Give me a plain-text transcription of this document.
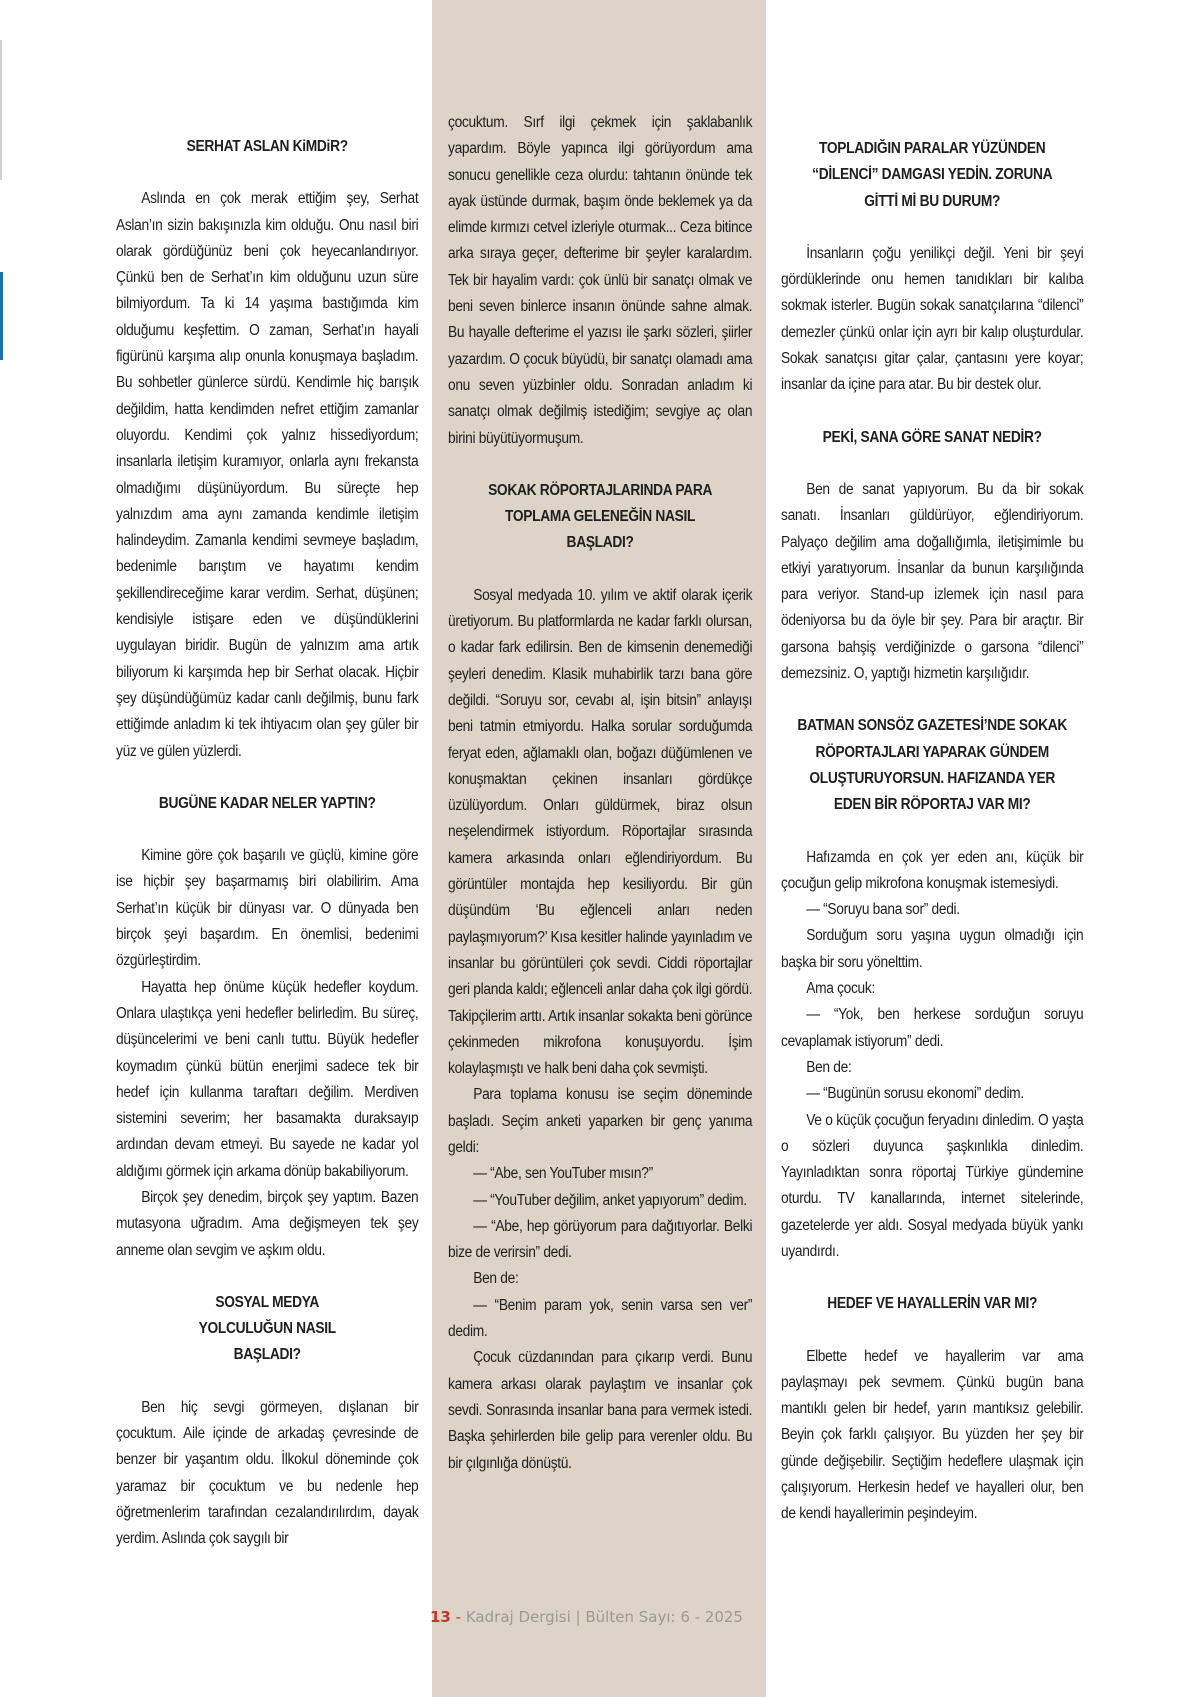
SERHAT ASLAN KiMDiR?

Aslında en çok merak ettiğim şey, Serhat Aslan’ın sizin bakışınızla kim olduğu. Onu nasıl biri olarak gördüğünüz beni çok heyecanlandırıyor. Çünkü ben de Serhat’ın kim olduğunu uzun süre bilmiyordum. Ta ki 14 yaşıma bastığımda kim olduğumu keşfettim. O zaman, Serhat’ın hayali figürünü karşıma alıp onunla konuşmaya başladım. Bu sohbetler günlerce sürdü. Kendimle hiç barışık değildim, hatta kendimden nefret ettiğim zamanlar oluyordu. Kendimi çok yalnız hissediyordum; insanlarla iletişim kuramıyor, onlarla aynı frekansta olmadığımı düşünüyordum. Bu süreçte hep yalnızdım ama aynı zamanda kendimle iletişim halindeydim. Zamanla kendimi sevmeye başladım, bedenimle barıştım ve hayatımı kendim şekillendireceğime karar verdim. Serhat, düşünen; kendisiyle istişare eden ve düşündüklerini uygulayan biridir. Bugün de yalnızım ama artık biliyorum ki karşımda hep bir Serhat olacak. Hiçbir şey düşündüğümüz kadar canlı değilmiş, bunu fark ettiğimde anladım ki tek ihtiyacım olan şey güler bir yüz ve gülen yüzlerdi.

BUGÜNE KADAR NELER YAPTIN?

Kimine göre çok başarılı ve güçlü, kimine göre ise hiçbir şey başarmamış biri olabilirim. Ama Serhat’ın küçük bir dünyası var. O dünyada ben birçok şeyi başardım. En önemlisi, bedenimi özgürleştirdim.

Hayatta hep önüme küçük hedefler koydum. Onlara ulaştıkça yeni hedefler belirledim. Bu süreç, düşüncelerimi ve beni canlı tuttu. Büyük hedefler koymadım çünkü bütün enerjimi sadece tek bir hedef için kullanma taraftarı değilim. Merdiven sistemini severim; her basamakta duraksayıp ardından devam etmeyi. Bu sayede ne kadar yol aldığımı görmek için arkama dönüp bakabiliyorum.

Birçok şey denedim, birçok şey yaptım. Bazen mutasyona uğradım. Ama değişmeyen tek şey anneme olan sevgim ve aşkım oldu.

SOSYAL MEDYA YOLCULUĞUN NASIL BAŞLADI?

Ben hiç sevgi görmeyen, dışlanan bir çocuktum. Aile içinde de arkadaş çevresinde de benzer bir yaşantım oldu. İlkokul döneminde çok yaramaz bir çocuktum ve bu nedenle hep öğretmenlerim tarafından cezalandırılırdım, dayak yerdim. Aslında çok saygılı bir

çocuktum. Sırf ilgi çekmek için şaklabanlık yapardım. Böyle yapınca ilgi görüyordum ama sonucu genellikle ceza olurdu: tahtanın önünde tek ayak üstünde durmak, başım önde beklemek ya da elimde kırmızı cetvel izleriyle oturmak... Ceza bitince arka sıraya geçer, defterime bir şeyler karalardım. Tek bir hayalim vardı: çok ünlü bir sanatçı olmak ve beni seven binlerce insanın önünde sahne almak. Bu hayalle defterime el yazısı ile şarkı sözleri, şiirler yazardım. O çocuk büyüdü, bir sanatçı olamadı ama onu seven yüzbinler oldu. Sonradan anladım ki sanatçı olmak değilmiş istediğim; sevgiye aç olan birini büyütüyormuşum.

SOKAK RÖPORTAJLARINDA PARA TOPLAMA GELENEĞİN NASIL BAŞLADI?

Sosyal medyada 10. yılım ve aktif olarak içerik üretiyorum. Bu platformlarda ne kadar farklı olursan, o kadar fark edilirsin. Ben de kimsenin denemediği şeyleri denedim. Klasik muhabirlik tarzı bana göre değildi. “Soruyu sor, cevabı al, işin bitsin” anlayışı beni tatmin etmiyordu. Halka sorular sorduğumda feryat eden, ağlamaklı olan, boğazı düğümlenen ve konuşmaktan çekinen insanları gördükçe üzülüyordum. Onları güldürmek, biraz olsun neşelendirmek istiyordum. Röportajlar sırasında kamera arkasında onları eğlendiriyordum. Bu görüntüler montajda hep kesiliyordu. Bir gün düşündüm ‘Bu eğlenceli anları neden paylaşmıyorum?’ Kısa kesitler halinde yayınladım ve insanlar bu görüntüleri çok sevdi. Ciddi röportajlar geri planda kaldı; eğlenceli anlar daha çok ilgi gördü. Takipçilerim arttı. Artık insanlar sokakta beni görünce çekinmeden mikrofona konuşuyordu. İşim kolaylaşmıştı ve halk beni daha çok sevmişti.

Para toplama konusu ise seçim döneminde başladı. Seçim anketi yaparken bir genç yanıma geldi:

— “Abe, sen YouTuber mısın?”

— “YouTuber değilim, anket yapıyorum” dedim.

— “Abe, hep görüyorum para dağıtıyorlar. Belki bize de verirsin” dedi.

Ben de:

— “Benim param yok, senin varsa sen ver” dedim.

Çocuk cüzdanından para çıkarıp verdi. Bunu kamera arkası olarak paylaştım ve insanlar çok sevdi. Sonrasında insanlar bana para vermek istedi. Başka şehirlerden bile gelip para verenler oldu. Bu bir çılgınlığa dönüştü.

TOPLADIĞIN PARALAR YÜZÜNDEN “DİLENCİ” DAMGASI YEDİN. ZORUNA GİTTİ Mİ BU DURUM?

İnsanların çoğu yenilikçi değil. Yeni bir şeyi gördüklerinde onu hemen tanıdıkları bir kalıba sokmak isterler. Bugün sokak sanatçılarına “dilenci” demezler çünkü onlar için ayrı bir kalıp oluşturdular. Sokak sanatçısı gitar çalar, çantasını yere koyar; insanlar da içine para atar. Bu bir destek olur.

PEKİ, SANA GÖRE SANAT NEDİR?

Ben de sanat yapıyorum. Bu da bir sokak sanatı. İnsanları güldürüyor, eğlendiriyorum. Palyaço değilim ama doğallığımla, iletişimimle bu etkiyi yaratıyorum. İnsanlar da bunun karşılığında para veriyor. Stand-up izlemek için nasıl para ödeniyorsa bu da öyle bir şey. Para bir araçtır. Bir garsona bahşiş verdiğinizde o garsona “dilenci” demezsiniz. O, yaptığı hizmetin karşılığıdır.

BATMAN SONSÖZ GAZETESİ’NDE SOKAK RÖPORTAJLARI YAPARAK GÜNDEM OLUŞTURUYORSUN. HAFIZANDA YER EDEN BİR RÖPORTAJ VAR MI?

Hafızamda en çok yer eden anı, küçük bir çocuğun gelip mikrofona konuşmak istemesiydi.

— “Soruyu bana sor” dedi.

Sorduğum soru yaşına uygun olmadığı için başka bir soru yönelttim.

Ama çocuk:

— “Yok, ben herkese sorduğun soruyu cevaplamak istiyorum” dedi.

Ben de:

— “Bugünün sorusu ekonomi” dedim.

Ve o küçük çocuğun feryadını dinledim. O yaşta o sözleri duyunca şaşkınlıkla dinledim. Yayınladıktan sonra röportaj Türkiye gündemine oturdu. TV kanallarında, internet sitelerinde, gazetelerde yer aldı. Sosyal medyada büyük yankı uyandırdı.

HEDEF VE HAYALLERİN VAR MI?

Elbette hedef ve hayallerim var ama paylaşmayı pek sevmem. Çünkü bugün bana mantıklı gelen bir hedef, yarın mantıksız gelebilir. Beyin çok farklı çalışıyor. Bu yüzden her şey bir günde değişebilir. Seçtiğim hedeflere ulaşmak için çalışıyorum. Herkesin hedef ve hayalleri olur, ben de kendi hayallerimin peşindeyim.

13 - Kadraj Dergisi | Bülten Sayı: 6 - 2025
